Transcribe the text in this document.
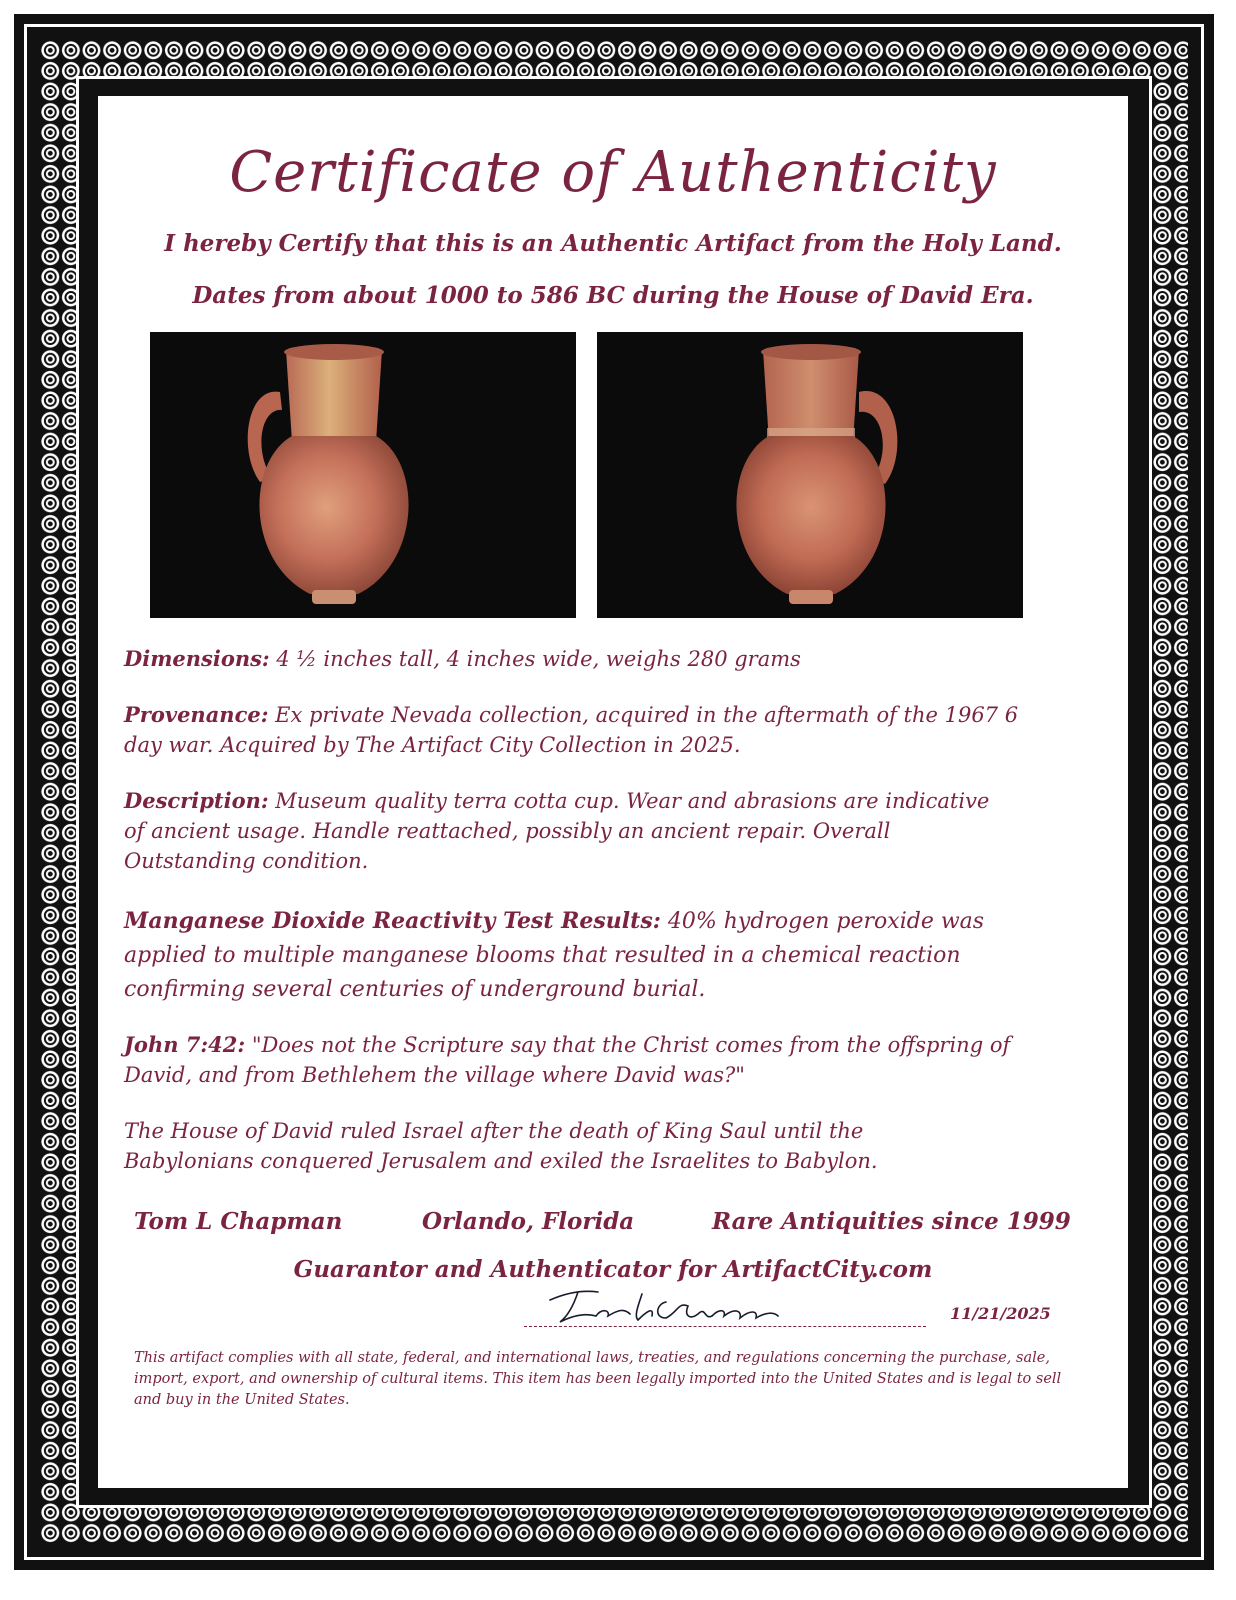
Certificate of Authenticity
I hereby Certify that this is an Authentic Artifact from the Holy Land.
Dates from about 1000 to 586 BC during the House of David Era.
Dimensions: 4 ½ inches tall, 4 inches wide, weighs 280 grams
Provenance: Ex private Nevada collection, acquired in the aftermath of the 1967 6 day war. Acquired by The Artifact City Collection in 2025.
Description: Museum quality terra cotta cup. Wear and abrasions are indicative of ancient usage. Handle reattached, possibly an ancient repair. Overall Outstanding condition.
Manganese Dioxide Reactivity Test Results: 40% hydrogen peroxide was applied to multiple manganese blooms that resulted in a chemical reaction confirming several centuries of underground burial.
John 7:42: "Does not the Scripture say that the Christ comes from the offspring of David, and from Bethlehem the village where David was?"
The House of David ruled Israel after the death of King Saul until the Babylonians conquered Jerusalem and exiled the Israelites to Babylon.
Tom L Chapman	Orlando, Florida	Rare Antiquities since 1999
Guarantor and Authenticator for ArtifactCity.com
11/21/2025
This artifact complies with all state, federal, and international laws, treaties, and regulations concerning the purchase, sale, import, export, and ownership of cultural items. This item has been legally imported into the United States and is legal to sell and buy in the United States.
